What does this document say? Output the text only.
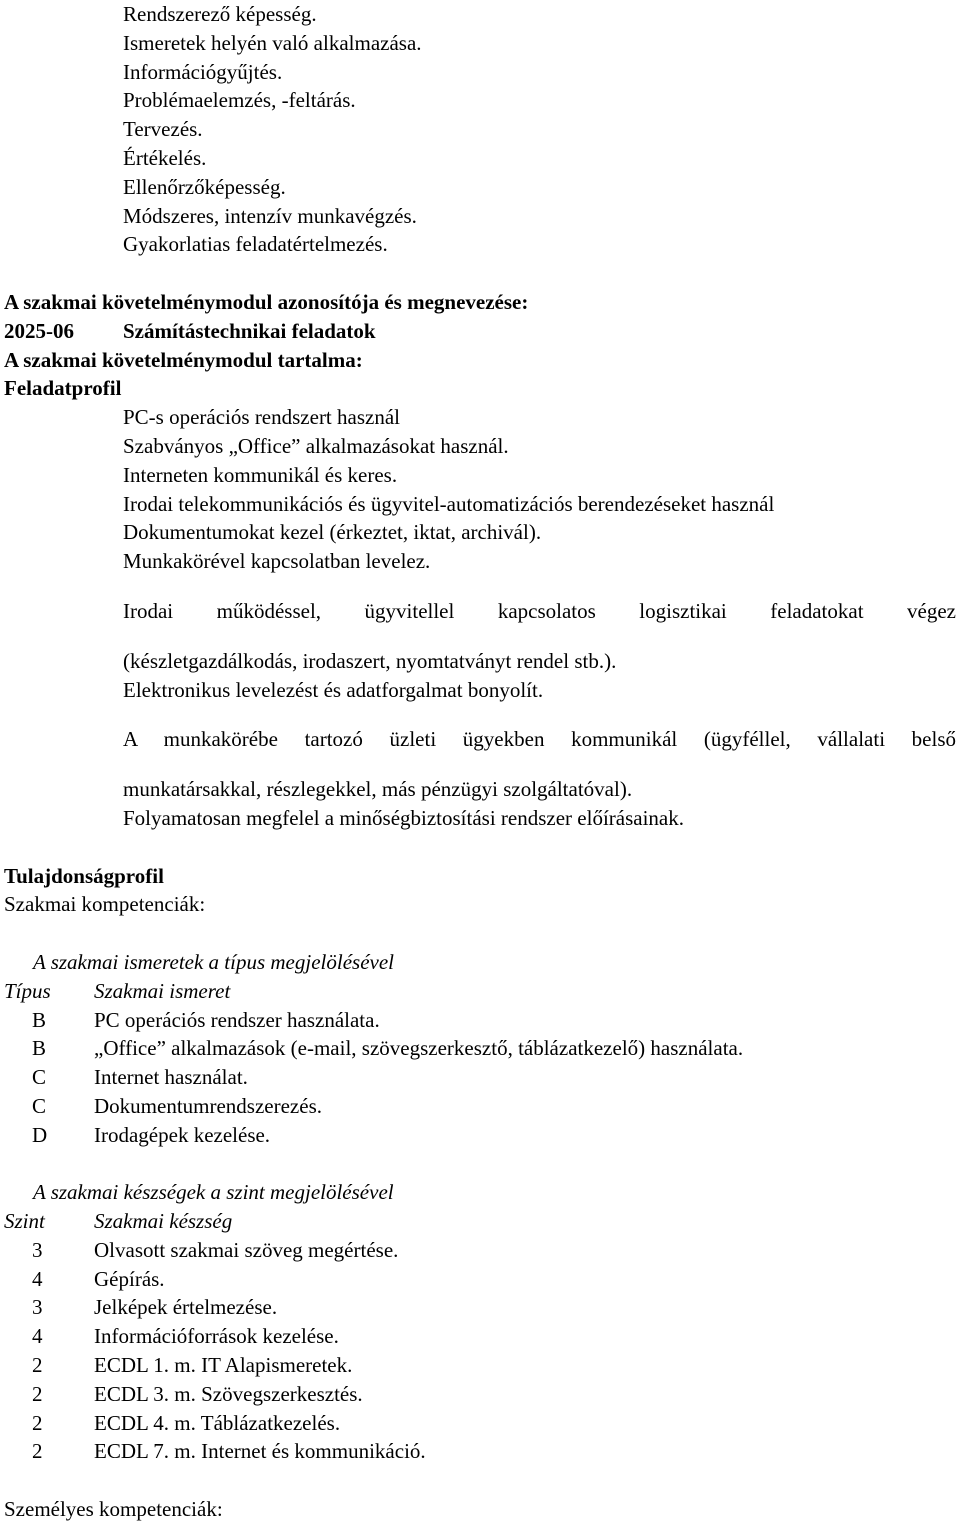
Rendszerező képesség.

Ismeretek helyén való alkalmazása.

Információgyűjtés.

Problémaelemzés, -feltárás.

Tervezés.

Értékelés.

Ellenőrzőképesség.

Módszeres, intenzív munkavégzés.

Gyakorlatias feladatértelmezés.

A szakmai követelménymodul azonosítója és megnevezése:

2025-06	Számítástechnikai feladatok

A szakmai követelménymodul tartalma:

Feladatprofil

PC-s operációs rendszert használ

Szabványos „Office” alkalmazásokat használ.

Interneten kommunikál és keres.

Irodai telekommunikációs és ügyvitel-automatizációs berendezéseket használ

Dokumentumokat kezel (érkeztet, iktat, archivál).

Munkakörével kapcsolatban levelez.

Irodai működéssel, ügyvitellel kapcsolatos logisztikai feladatokat végez

(készletgazdálkodás, irodaszert, nyomtatványt rendel stb.).

Elektronikus levelezést és adatforgalmat bonyolít.

A munkakörébe tartozó üzleti ügyekben kommunikál (ügyféllel, vállalati belső

munkatársakkal, részlegekkel, más pénzügyi szolgáltatóval).

Folyamatosan megfelel a minőségbiztosítási rendszer előírásainak.

Tulajdonságprofil

Szakmai kompetenciák:

A szakmai ismeretek a típus megjelölésével

Típus	Szakmai ismeret

B	PC operációs rendszer használata.

B	„Office” alkalmazások (e-mail, szövegszerkesztő, táblázatkezelő) használata.

C	Internet használat.

C	Dokumentumrendszerezés.

D	Irodagépek kezelése.

A szakmai készségek a szint megjelölésével

Szint	Szakmai készség

3	Olvasott szakmai szöveg megértése.

4	Gépírás.

3	Jelképek értelmezése.

4	Információforrások kezelése.

2	ECDL 1. m. IT Alapismeretek.

2	ECDL 3. m. Szövegszerkesztés.

2	ECDL 4. m. Táblázatkezelés.

2	ECDL 7. m. Internet és kommunikáció.

Személyes kompetenciák:
